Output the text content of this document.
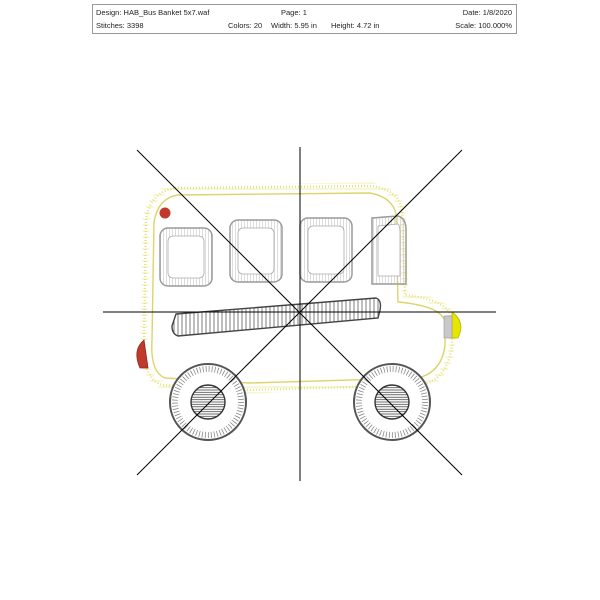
Design: HAB_Bus Banket 5x7.waf	Page: 1	Date: 1/8/2020
Stitches: 3398	Colors: 20 Width: 5.95 in Height: 4.72 in	Scale: 100.000%
